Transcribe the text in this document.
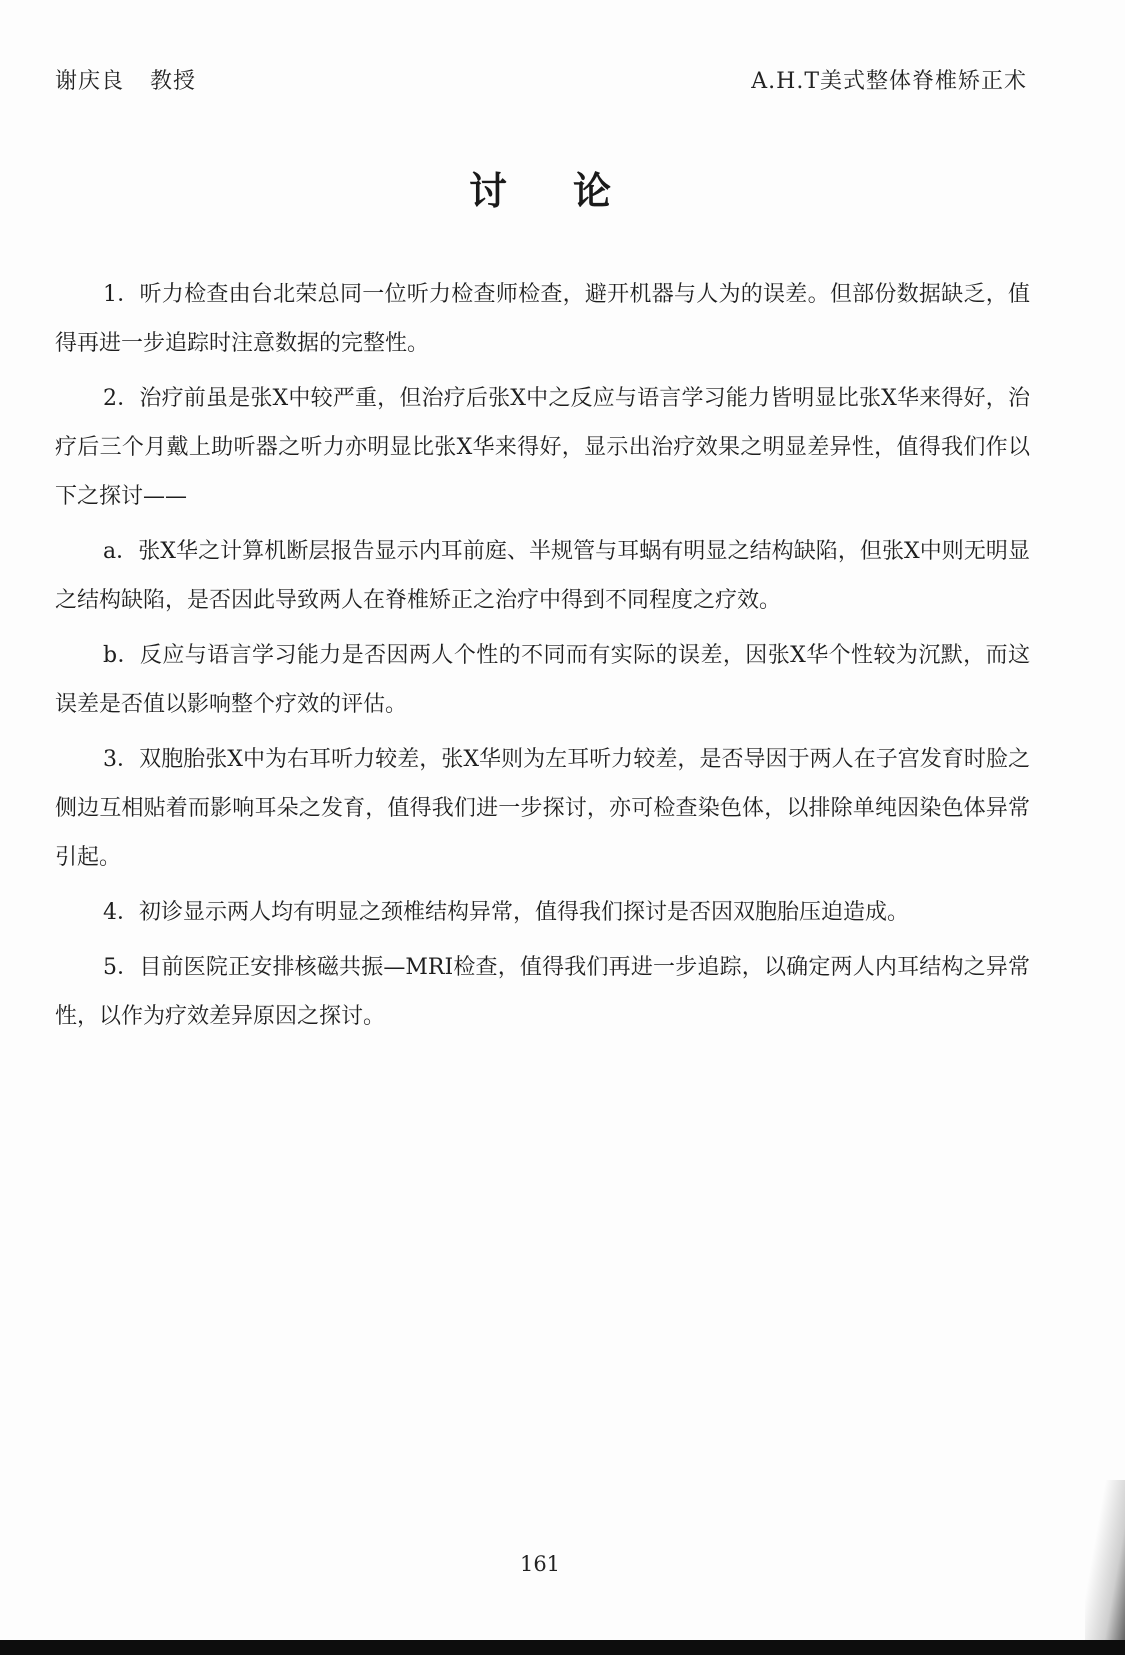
谢庆良 教授	A.H.T美式整体脊椎矫正术
讨论

1．听力检查由台北荣总同一位听力检查师检查，避开机器与人为的误差。但部份数据缺乏，值得再进一步追踪时注意数据的完整性。

2．治疗前虽是张X中较严重，但治疗后张X中之反应与语言学习能力皆明显比张X华来得好，治疗后三个月戴上助听器之听力亦明显比张X华来得好，显示出治疗效果之明显差异性，值得我们作以下之探讨——

a．张X华之计算机断层报告显示内耳前庭、半规管与耳蜗有明显之结构缺陷，但张X中则无明显之结构缺陷，是否因此导致两人在脊椎矫正之治疗中得到不同程度之疗效。

b．反应与语言学习能力是否因两人个性的不同而有实际的误差，因张X华个性较为沉默，而这误差是否值以影响整个疗效的评估。

3．双胞胎张X中为右耳听力较差，张X华则为左耳听力较差，是否导因于两人在子宫发育时脸之侧边互相贴着而影响耳朵之发育，值得我们进一步探讨，亦可检查染色体，以排除单纯因染色体异常引起。

4．初诊显示两人均有明显之颈椎结构异常，值得我们探讨是否因双胞胎压迫造成。

5．目前医院正安排核磁共振—MRI检查，值得我们再进一步追踪，以确定两人内耳结构之异常性，以作为疗效差异原因之探讨。

161
